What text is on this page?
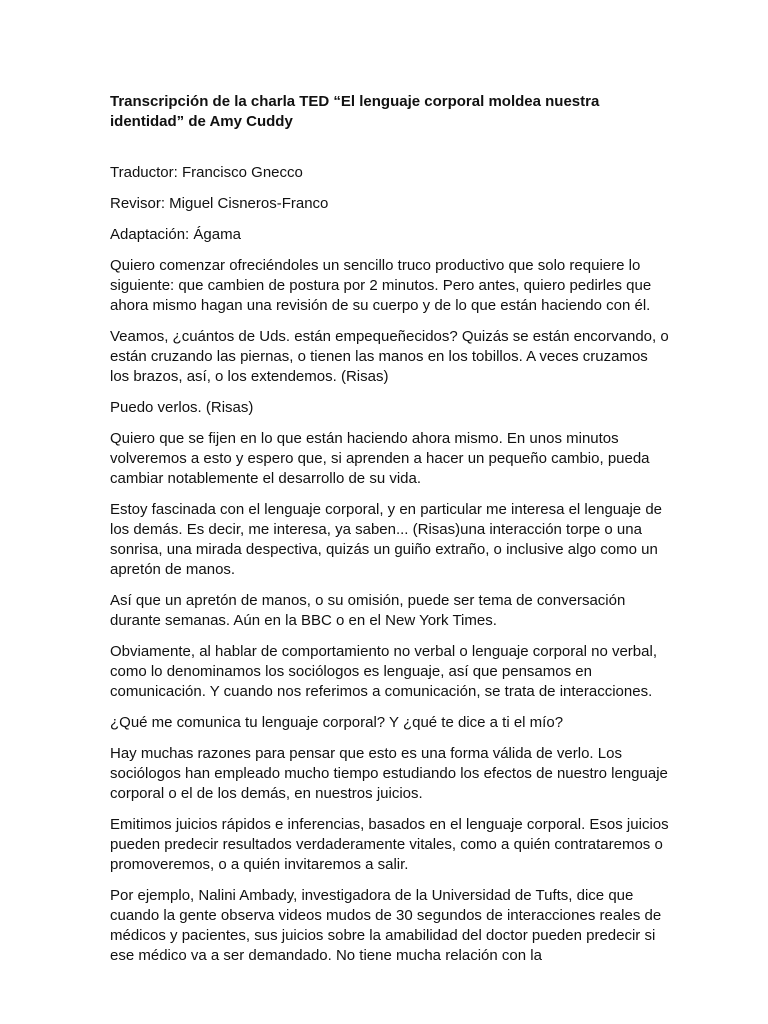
Transcripción de la charla TED “El lenguaje corporal moldea nuestra identidad” de Amy Cuddy

Traductor: Francisco Gnecco

Revisor: Miguel Cisneros-Franco

Adaptación: Ágama

Quiero comenzar ofreciéndoles un sencillo truco productivo que solo requiere lo siguiente: que cambien de postura por 2 minutos. Pero antes, quiero pedirles que ahora mismo hagan una revisión de su cuerpo y de lo que están haciendo con él.

Veamos, ¿cuántos de Uds. están empequeñecidos? Quizás se están encorvando, o están cruzando las piernas, o tienen las manos en los tobillos. A veces cruzamos los brazos, así, o los extendemos. (Risas)

Puedo verlos. (Risas)

Quiero que se fijen en lo que están haciendo ahora mismo. En unos minutos volveremos a esto y espero que, si aprenden a hacer un pequeño cambio, pueda cambiar notablemente el desarrollo de su vida.

Estoy fascinada con el lenguaje corporal, y en particular me interesa el lenguaje de los demás. Es decir, me interesa, ya saben... (Risas)una interacción torpe o una sonrisa, una mirada despectiva, quizás un guiño extraño, o inclusive algo como un apretón de manos.

Así que un apretón de manos, o su omisión, puede ser tema de conversación durante semanas. Aún en la BBC o en el New York Times.

Obviamente, al hablar de comportamiento no verbal o lenguaje corporal no verbal, como lo denominamos los sociólogos es lenguaje, así que pensamos en comunicación. Y cuando nos referimos a comunicación, se trata de interacciones.

¿Qué me comunica tu lenguaje corporal? Y ¿qué te dice a ti el mío?

Hay muchas razones para pensar que esto es una forma válida de verlo. Los sociólogos han empleado mucho tiempo estudiando los efectos de nuestro lenguaje corporal o el de los demás, en nuestros juicios.

Emitimos juicios rápidos e inferencias, basados en el lenguaje corporal. Esos juicios pueden predecir resultados verdaderamente vitales, como a quién contrataremos o promoveremos, o a quién invitaremos a salir.

Por ejemplo, Nalini Ambady, investigadora de la Universidad de Tufts, dice que cuando la gente observa videos mudos de 30 segundos de interacciones reales de médicos y pacientes, sus juicios sobre la amabilidad del doctor pueden predecir si ese médico va a ser demandado. No tiene mucha relación con la
